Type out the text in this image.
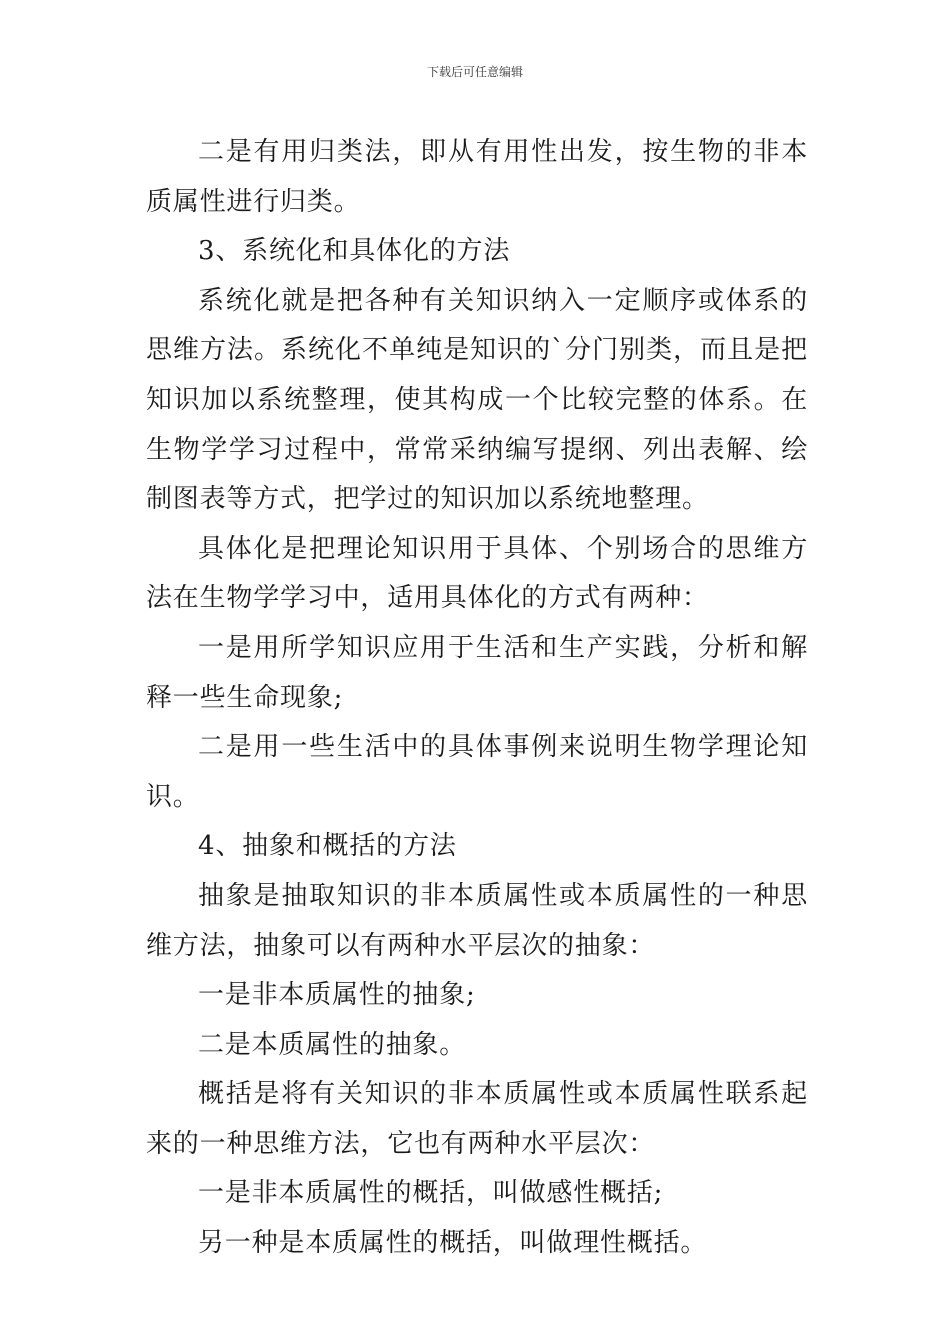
下载后可任意编辑

二是有用归类法，即从有用性出发，按生物的非本质属性进行归类。

3、系统化和具体化的方法

系统化就是把各种有关知识纳入一定顺序或体系的思维方法。系统化不单纯是知识的`分门别类，而且是把知识加以系统整理，使其构成一个比较完整的体系。在生物学学习过程中，常常采纳编写提纲、列出表解、绘制图表等方式，把学过的知识加以系统地整理。

具体化是把理论知识用于具体、个别场合的思维方法在生物学学习中，适用具体化的方式有两种：

一是用所学知识应用于生活和生产实践，分析和解释一些生命现象;

二是用一些生活中的具体事例来说明生物学理论知识。

4、抽象和概括的方法

抽象是抽取知识的非本质属性或本质属性的一种思维方法，抽象可以有两种水平层次的抽象：

一是非本质属性的抽象;

二是本质属性的抽象。

概括是将有关知识的非本质属性或本质属性联系起来的一种思维方法，它也有两种水平层次：

一是非本质属性的概括，叫做感性概括;

另一种是本质属性的概括，叫做理性概括。
